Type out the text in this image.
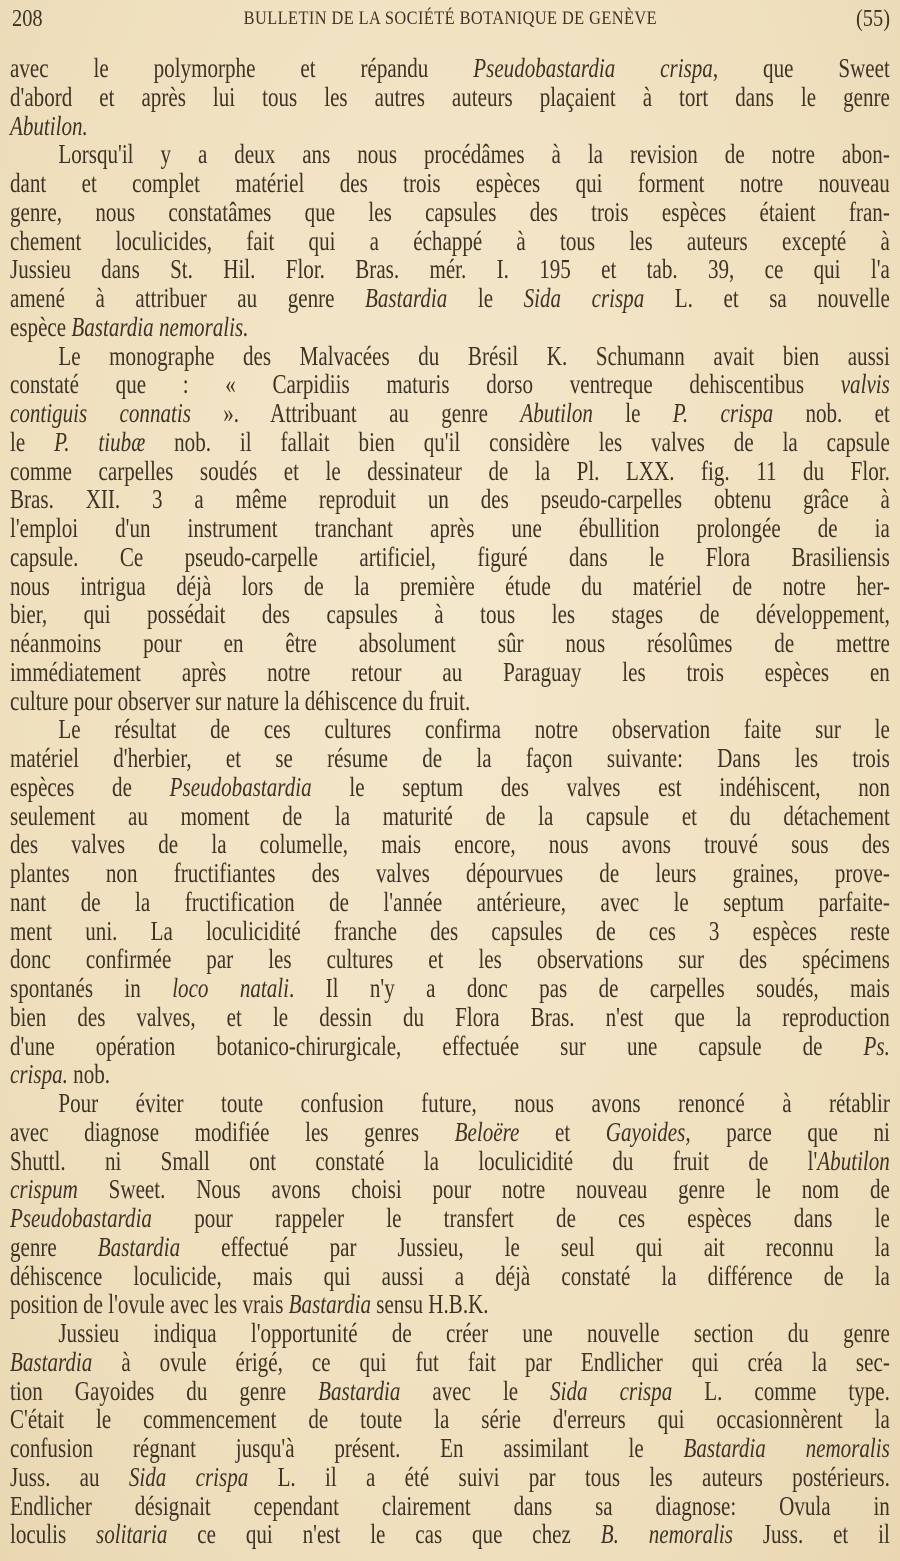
208	BULLETIN DE LA SOCIÉTÉ BOTANIQUE DE GENÈVE	(55)
avec le polymorphe et répandu Pseudobastardia crispa, que Sweet
d'abord et après lui tous les autres auteurs plaçaient à tort dans le genre
Abutilon.
Lorsqu'il y a deux ans nous procédâmes à la revision de notre abon-
dant et complet matériel des trois espèces qui forment notre nouveau
genre, nous constatâmes que les capsules des trois espèces étaient fran-
chement loculicides, fait qui a échappé à tous les auteurs excepté à
Jussieu dans St. Hil. Flor. Bras. mér. I. 195 et tab. 39, ce qui l'a
amené à attribuer au genre Bastardia le Sida crispa L. et sa nouvelle
espèce Bastardia nemoralis.
Le monographe des Malvacées du Brésil K. Schumann avait bien aussi
constaté que : « Carpidiis maturis dorso ventreque dehiscentibus valvis
contiguis connatis ». Attribuant au genre Abutilon le P. crispa nob. et
le P. tiubæ nob. il fallait bien qu'il considère les valves de la capsule
comme carpelles soudés et le dessinateur de la Pl. LXX. fig. 11 du Flor.
Bras. XII. 3 a même reproduit un des pseudo-carpelles obtenu grâce à
l'emploi d'un instrument tranchant après une ébullition prolongée de ia
capsule. Ce pseudo-carpelle artificiel, figuré dans le Flora Brasiliensis
nous intrigua déjà lors de la première étude du matériel de notre her-
bier, qui possédait des capsules à tous les stages de développement,
néanmoins pour en être absolument sûr nous résolûmes de mettre
immédiatement après notre retour au Paraguay les trois espèces en
culture pour observer sur nature la déhiscence du fruit.
Le résultat de ces cultures confirma notre observation faite sur le
matériel d'herbier, et se résume de la façon suivante: Dans les trois
espèces de Pseudobastardia le septum des valves est indéhiscent, non
seulement au moment de la maturité de la capsule et du détachement
des valves de la columelle, mais encore, nous avons trouvé sous des
plantes non fructifiantes des valves dépourvues de leurs graines, prove-
nant de la fructification de l'année antérieure, avec le septum parfaite-
ment uni. La loculicidité franche des capsules de ces 3 espèces reste
donc confirmée par les cultures et les observations sur des spécimens
spontanés in loco natali. Il n'y a donc pas de carpelles soudés, mais
bien des valves, et le dessin du Flora Bras. n'est que la reproduction
d'une opération botanico-chirurgicale, effectuée sur une capsule de Ps.
crispa. nob.
Pour éviter toute confusion future, nous avons renoncé à rétablir
avec diagnose modifiée les genres Beloëre et Gayoides, parce que ni
Shuttl. ni Small ont constaté la loculicidité du fruit de l'Abutilon
crispum Sweet. Nous avons choisi pour notre nouveau genre le nom de
Pseudobastardia pour rappeler le transfert de ces espèces dans le
genre Bastardia effectué par Jussieu, le seul qui ait reconnu la
déhiscence loculicide, mais qui aussi a déjà constaté la différence de la
position de l'ovule avec les vrais Bastardia sensu H.B.K.
Jussieu indiqua l'opportunité de créer une nouvelle section du genre
Bastardia à ovule érigé, ce qui fut fait par Endlicher qui créa la sec-
tion Gayoides du genre Bastardia avec le Sida crispa L. comme type.
C'était le commencement de toute la série d'erreurs qui occasionnèrent la
confusion régnant jusqu'à présent. En assimilant le Bastardia nemoralis
Juss. au Sida crispa L. il a été suivi par tous les auteurs postérieurs.
Endlicher désignait cependant clairement dans sa diagnose: Ovula in
loculis solitaria ce qui n'est le cas que chez B. nemoralis Juss. et il
